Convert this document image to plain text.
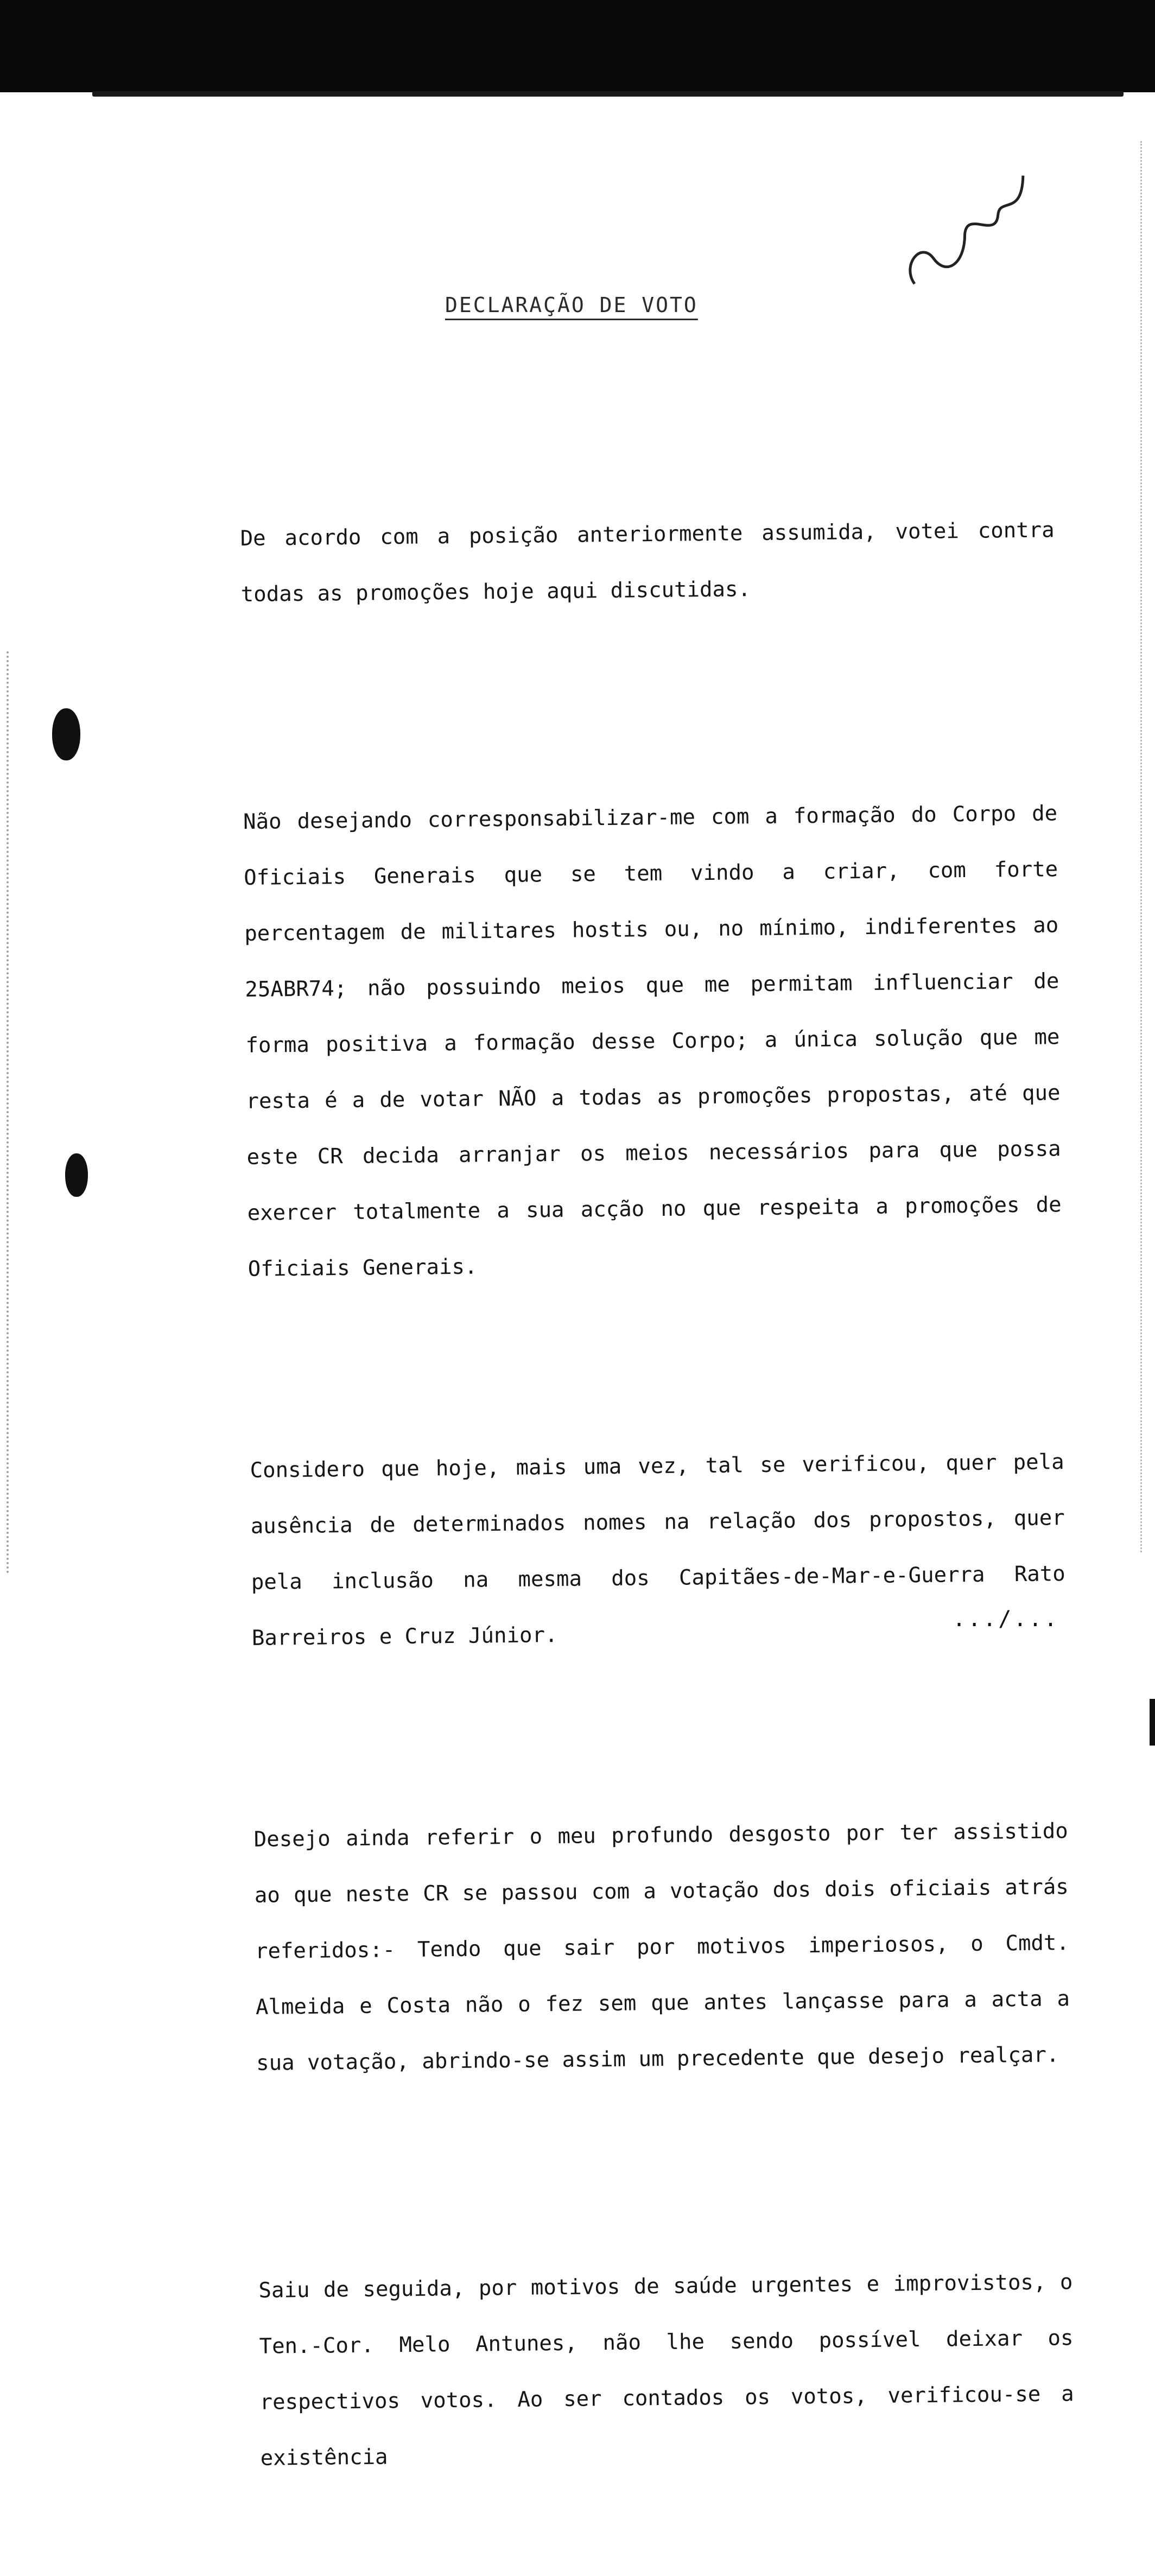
DECLARAÇÃO DE VOTO

De acordo com a posição anteriormente assumida, votei contra todas as promoções hoje aqui discutidas.

Não desejando corresponsabilizar-me com a formação do Corpo de Oficiais Generais que se tem vindo a criar, com forte percentagem de militares hostis ou, no mínimo, indiferentes ao 25ABR74; não possuindo meios que me permitam influenciar de forma positiva a formação desse Corpo; a única solução que me resta é a de votar NÃO a todas as promoções propostas, até que este CR decida arranjar os meios necessários para que possa exercer totalmente a sua acção no que respeita a promoções de Oficiais Generais.

Considero que hoje, mais uma vez, tal se verificou, quer pela ausência de determinados nomes na relação dos propostos, quer pela inclusão na mesma dos Capitães-de-Mar-e-Guerra Rato Barreiros e Cruz Júnior.

Desejo ainda referir o meu profundo desgosto por ter assistido ao que neste CR se passou com a votação dos dois oficiais atrás referidos:- Tendo que sair por motivos imperiosos, o Cmdt. Almeida e Costa não o fez sem que antes lançasse para a acta a sua votação, abrindo-se assim um precedente que desejo realçar.

Saiu de seguida, por motivos de saúde urgentes e improvistos, o Ten.-Cor. Melo Antunes, não lhe sendo possível deixar os respectivos votos. Ao ser contados os votos, verificou-se a existência

.../...
